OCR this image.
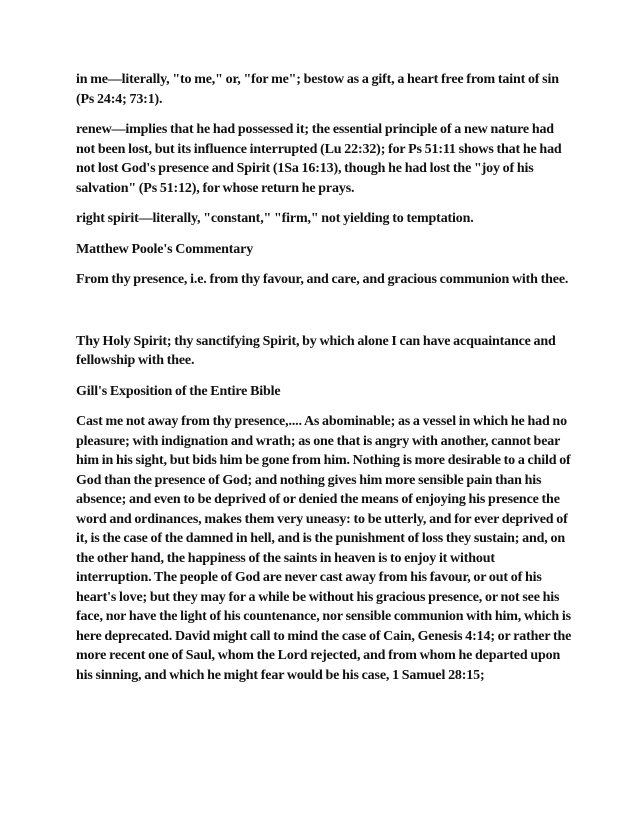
in me—literally, "to me," or, "for me"; bestow as a gift, a heart free from taint of sin (Ps 24:4; 73:1).

renew—implies that he had possessed it; the essential principle of a new nature had not been lost, but its influence interrupted (Lu 22:32); for Ps 51:11 shows that he had not lost God's presence and Spirit (1Sa 16:13), though he had lost the "joy of his salvation" (Ps 51:12), for whose return he prays.

right spirit—literally, "constant," "firm," not yielding to temptation.

Matthew Poole's Commentary

From thy presence, i.e. from thy favour, and care, and gracious communion with thee.

Thy Holy Spirit; thy sanctifying Spirit, by which alone I can have acquaintance and fellowship with thee.

Gill's Exposition of the Entire Bible

Cast me not away from thy presence,.... As abominable; as a vessel in which he had no pleasure; with indignation and wrath; as one that is angry with another, cannot bear him in his sight, but bids him be gone from him. Nothing is more desirable to a child of God than the presence of God; and nothing gives him more sensible pain than his absence; and even to be deprived of or denied the means of enjoying his presence the word and ordinances, makes them very uneasy: to be utterly, and for ever deprived of it, is the case of the damned in hell, and is the punishment of loss they sustain; and, on the other hand, the happiness of the saints in heaven is to enjoy it without interruption. The people of God are never cast away from his favour, or out of his heart's love; but they may for a while be without his gracious presence, or not see his face, nor have the light of his countenance, nor sensible communion with him, which is here deprecated. David might call to mind the case of Cain, Genesis 4:14; or rather the more recent one of Saul, whom the Lord rejected, and from whom he departed upon his sinning, and which he might fear would be his case, 1 Samuel 28:15;
